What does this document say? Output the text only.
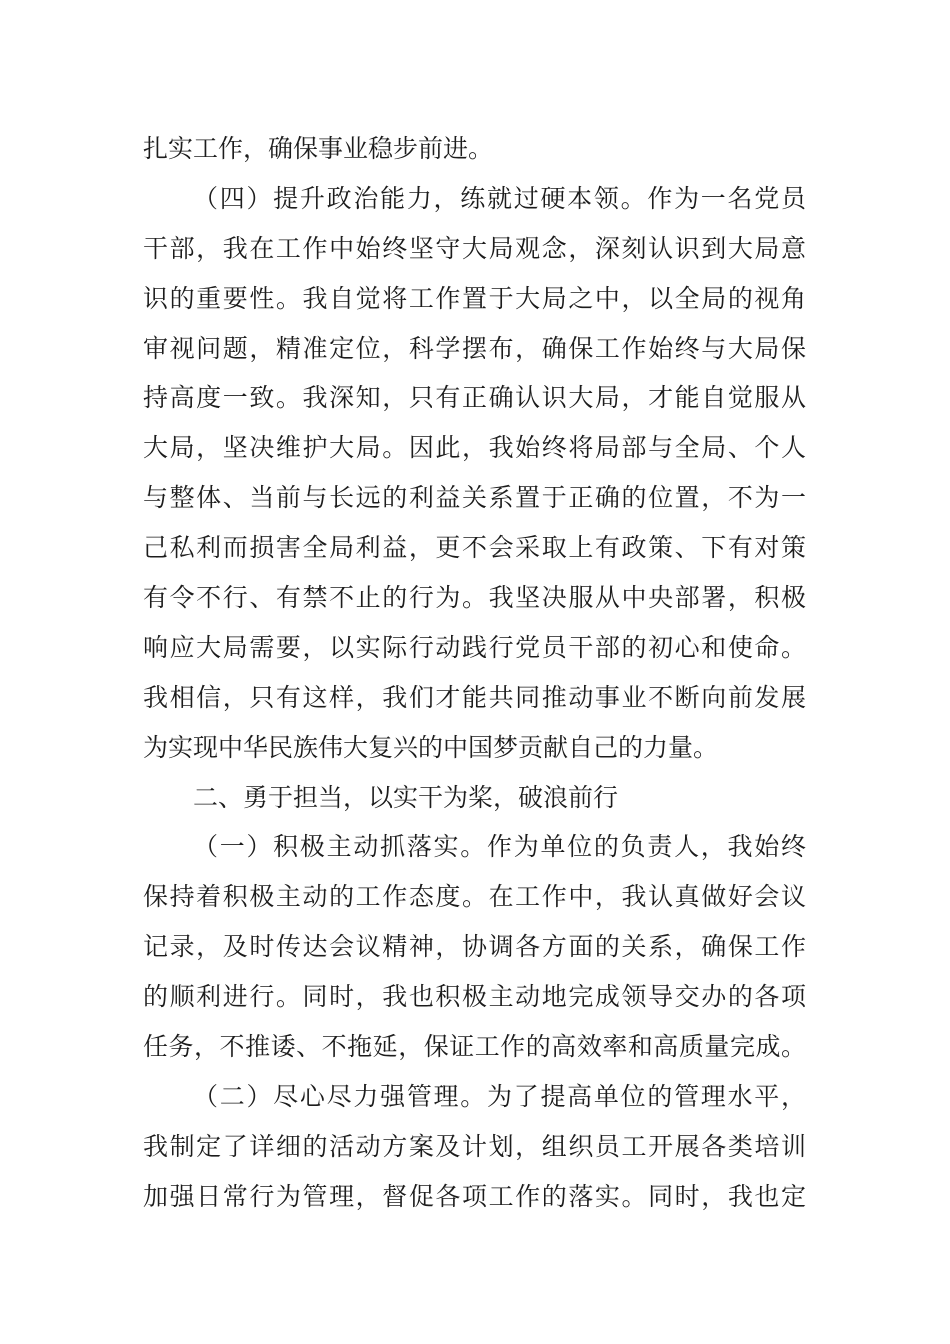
扎实工作，确保事业稳步前进。
（四）提升政治能力，练就过硬本领。作为一名党员
干部，我在工作中始终坚守大局观念，深刻认识到大局意
识的重要性。我自觉将工作置于大局之中，以全局的视角
审视问题，精准定位，科学摆布，确保工作始终与大局保
持高度一致。我深知，只有正确认识大局，才能自觉服从
大局，坚决维护大局。因此，我始终将局部与全局、个人
与整体、当前与长远的利益关系置于正确的位置，不为一
己私利而损害全局利益，更不会采取上有政策、下有对策
有令不行、有禁不止的行为。我坚决服从中央部署，积极
响应大局需要，以实际行动践行党员干部的初心和使命。
我相信，只有这样，我们才能共同推动事业不断向前发展
为实现中华民族伟大复兴的中国梦贡献自己的力量。
二、勇于担当，以实干为桨，破浪前行
（一）积极主动抓落实。作为单位的负责人，我始终
保持着积极主动的工作态度。在工作中，我认真做好会议
记录，及时传达会议精神，协调各方面的关系，确保工作
的顺利进行。同时，我也积极主动地完成领导交办的各项
任务，不推诿、不拖延，保证工作的高效率和高质量完成。
（二）尽心尽力强管理。为了提高单位的管理水平，
我制定了详细的活动方案及计划，组织员工开展各类培训
加强日常行为管理，督促各项工作的落实。同时，我也定
